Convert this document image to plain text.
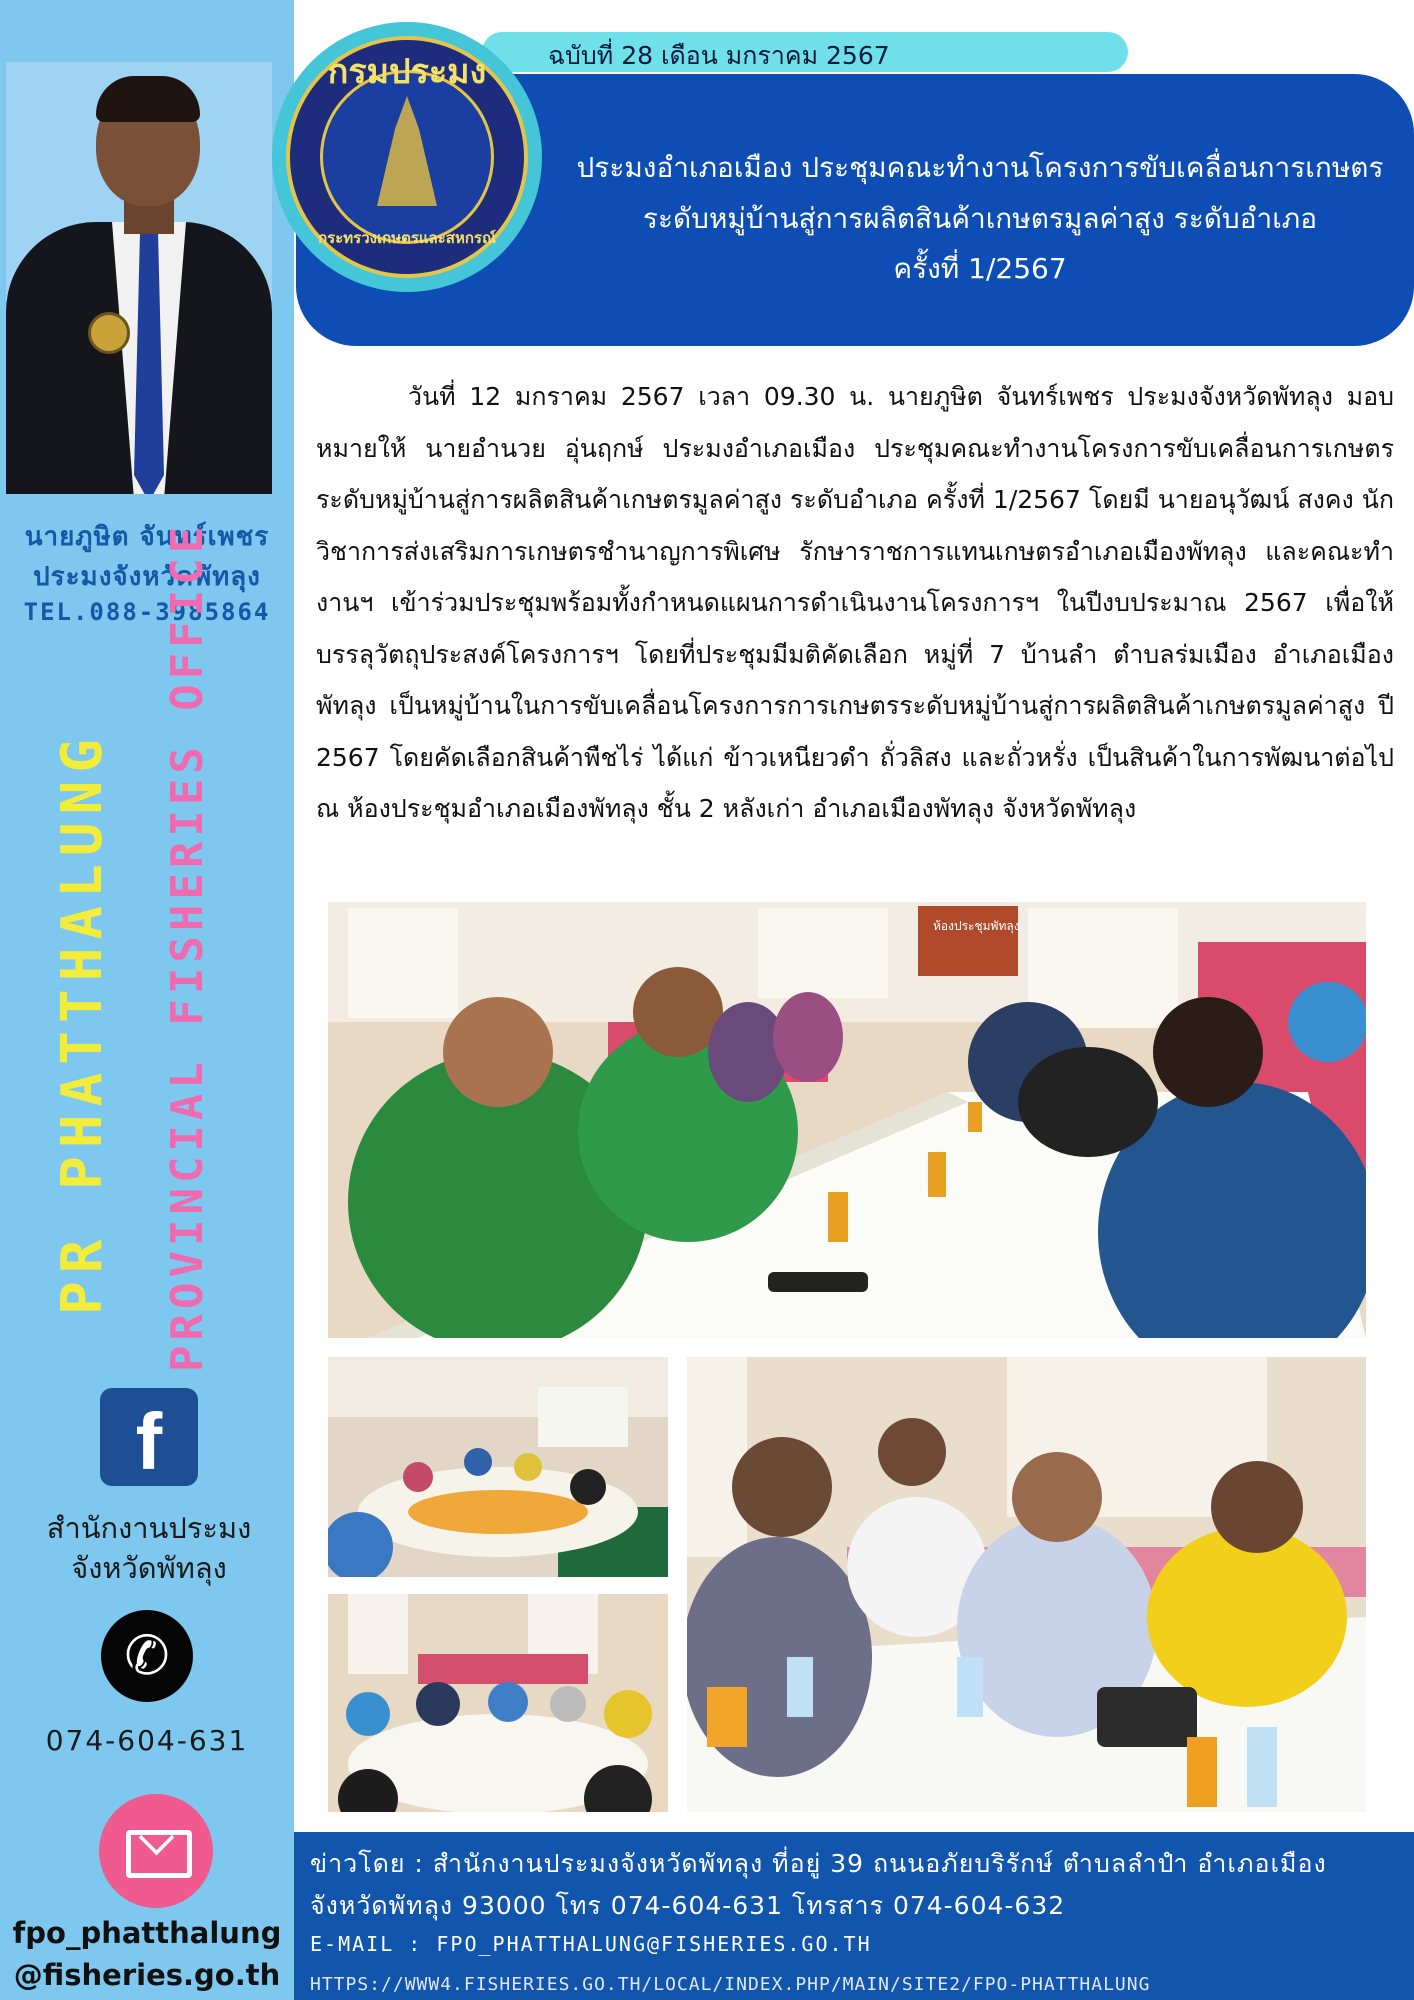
นายภูษิต จันทร์เพชร
ประมงจังหวัดพัทลุง
TEL.088-3985864
PR PHATTHALUNG PROVINCIAL FISHERIES OFFICE
f
สำนักงานประมงจังหวัดพัทลุง
✆
074-604-631
fpo_phatthalung
@fisheries.go.th
ฉบับที่ 28 เดือน มกราคม 2567
ประมงอำเภอเมือง ประชุมคณะทำงานโครงการขับเคลื่อนการเกษตร
ระดับหมู่บ้านสู่การผลิตสินค้าเกษตรมูลค่าสูง ระดับอำเภอ
ครั้งที่ 1/2567
กรมประมง
กระทรวงเกษตรและสหกรณ์

วันที่ 12 มกราคม 2567 เวลา 09.30 น. นายภูษิต จันทร์เพชร ประมงจังหวัดพัทลุง มอบหมายให้ นายอำนวย อุ่นฤกษ์ ประมงอำเภอเมือง ประชุมคณะทำงานโครงการขับเคลื่อนการเกษตรระดับหมู่บ้านสู่การผลิตสินค้าเกษตรมูลค่าสูง ระดับอำเภอ ครั้งที่ 1/2567 โดยมี นายอนุวัฒน์ สงคง นักวิชาการส่งเสริมการเกษตรชำนาญการพิเศษ รักษาราชการแทนเกษตรอำเภอเมืองพัทลุง และคณะทำงานฯ เข้าร่วมประชุมพร้อมทั้งกำหนดแผนการดำเนินงานโครงการฯ ในปีงบประมาณ 2567 เพื่อให้บรรลุวัตถุประสงค์โครงการฯ โดยที่ประชุมมีมติคัดเลือก หมู่ที่ 7 บ้านลำ ตำบลร่มเมือง อำเภอเมืองพัทลุง เป็นหมู่บ้านในการขับเคลื่อนโครงการการเกษตรระดับหมู่บ้านสู่การผลิตสินค้าเกษตรมูลค่าสูง ปี 2567 โดยคัดเลือกสินค้าพืชไร่ ได้แก่ ข้าวเหนียวดำ ถั่วลิสง และถั่วหรั่ง เป็นสินค้าในการพัฒนาต่อไป ณ ห้องประชุมอำเภอเมืองพัทลุง ชั้น 2 หลังเก่า อำเภอเมืองพัทลุง จังหวัดพัทลุง

ห้องประชุมพัทลุง
ข่าวโดย : สำนักงานประมงจังหวัดพัทลุง ที่อยู่ 39 ถนนอภัยบริรักษ์ ตำบลลำปำ อำเภอเมือง
จังหวัดพัทลุง 93000 โทร 074-604-631 โทรสาร 074-604-632
E-MAIL : FPO_PHATTHALUNG@FISHERIES.GO.TH
HTTPS://WWW4.FISHERIES.GO.TH/LOCAL/INDEX.PHP/MAIN/SITE2/FPO-PHATTHALUNG
